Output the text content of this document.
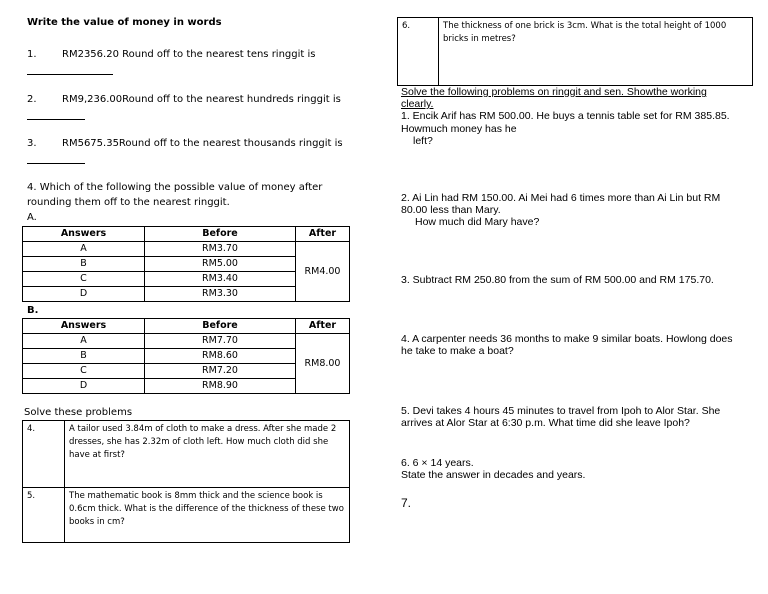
Write the value of money in words
1.	RM2356.20 Round off to the nearest tens ringgit is
2.	RM9,236.00Round off to the nearest hundreds ringgit is
3.	RM5675.35Round off to the nearest thousands ringgit is
4. Which of the following the possible value of money after
rounding them off to the nearest ringgit.
A.
Answers	Before	After
A	RM3.70	RM4.00
B	RM5.00	
C	RM3.40	
D	RM3.30	
B.
Answers	Before	After
A	RM7.70	RM8.00
B	RM8.60	
C	RM7.20	
D	RM8.90	
Solve these problems
4.	A tailor used 3.84m of cloth to make a dress. After she made 2 dresses, she has 2.32m of cloth left. How much cloth did she have at first?
5.	The mathematic book is 8mm thick and the science book is 0.6cm thick. What is the difference of the thickness of these two books in cm?
6.	The thickness of one brick is 3cm. What is the total height of 1000 bricks in metres?
Solve the following problems on ringgit and sen. Showthe working
clearly.
1. Encik Arif has RM 500.00. He buys a tennis table set for RM 385.85.
Howmuch money has he
left?
2. Ai Lin had RM 150.00. Ai Mei had 6 times more than Ai Lin but RM
80.00 less than Mary.
How much did Mary have?
3. Subtract RM 250.80 from the sum of RM 500.00 and RM 175.70.
4. A carpenter needs 36 months to make 9 similar boats. Howlong does
he take to make a boat?
5. Devi takes 4 hours 45 minutes to travel from Ipoh to Alor Star. She
arrives at Alor Star at 6:30 p.m. What time did she leave Ipoh?
6. 6 × 14 years.
State the answer in decades and years.
7.
